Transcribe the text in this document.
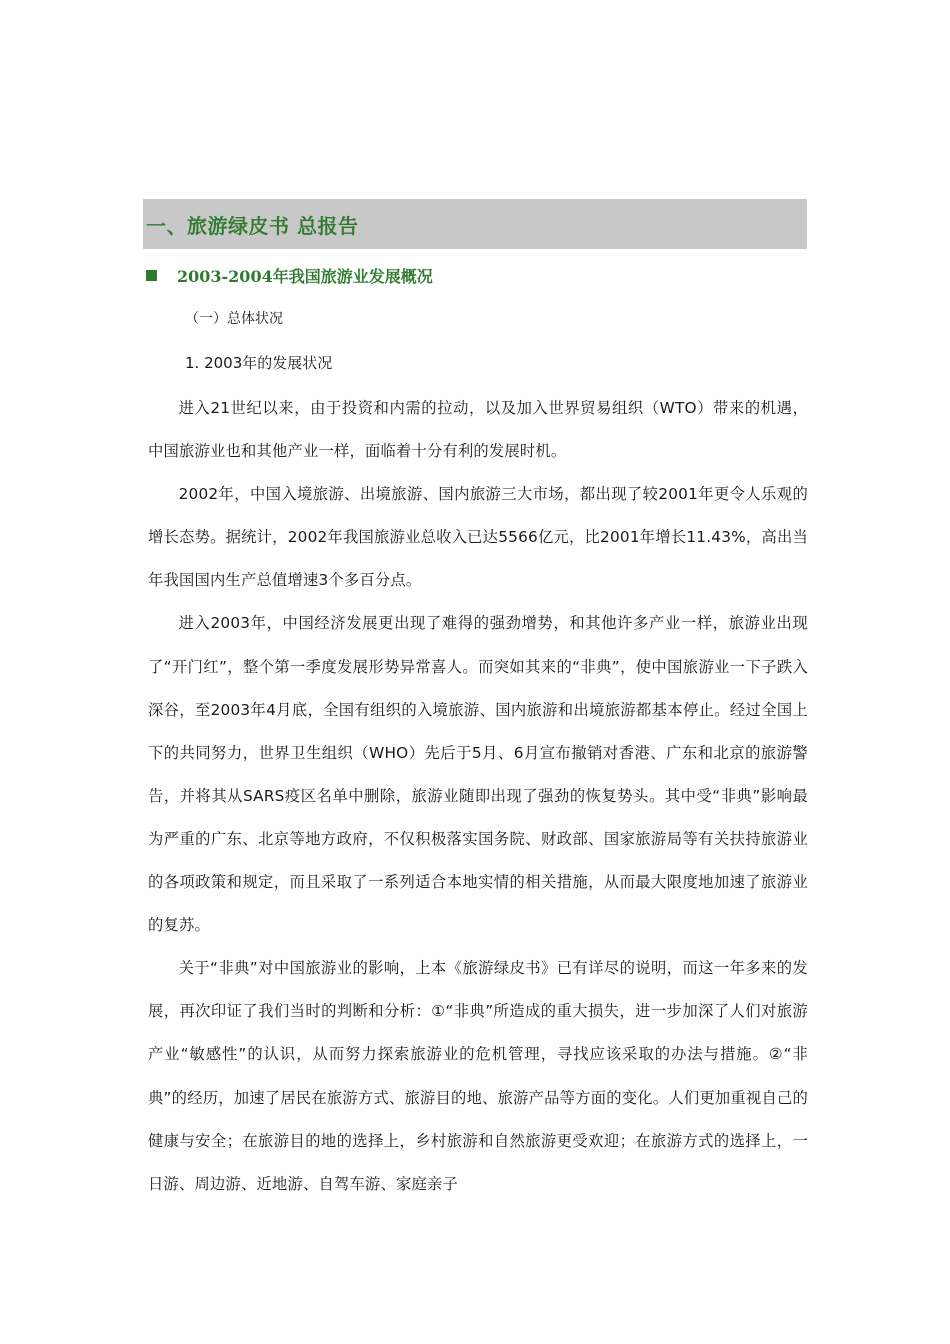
一、旅游绿皮书 总报告
2003-2004年我国旅游业发展概况
（一）总体状况
1. 2003年的发展状况

进入21世纪以来，由于投资和内需的拉动，以及加入世界贸易组织（WTO）带来的机遇，中国旅游业也和其他产业一样，面临着十分有利的发展时机。

2002年，中国入境旅游、出境旅游、国内旅游三大市场，都出现了较2001年更令人乐观的增长态势。据统计，2002年我国旅游业总收入已达5566亿元，比2001年增长11.43%，高出当年我国国内生产总值增速3个多百分点。

进入2003年，中国经济发展更出现了难得的强劲增势，和其他许多产业一样，旅游业出现了“开门红”，整个第一季度发展形势异常喜人。而突如其来的“非典”，使中国旅游业一下子跌入深谷，至2003年4月底，全国有组织的入境旅游、国内旅游和出境旅游都基本停止。经过全国上下的共同努力，世界卫生组织（WHO）先后于5月、6月宣布撤销对香港、广东和北京的旅游警告，并将其从SARS疫区名单中删除，旅游业随即出现了强劲的恢复势头。其中受“非典”影响最为严重的广东、北京等地方政府，不仅积极落实国务院、财政部、国家旅游局等有关扶持旅游业的各项政策和规定，而且采取了一系列适合本地实情的相关措施，从而最大限度地加速了旅游业的复苏。

关于“非典”对中国旅游业的影响，上本《旅游绿皮书》已有详尽的说明，而这一年多来的发展，再次印证了我们当时的判断和分析：①“非典”所造成的重大损失，进一步加深了人们对旅游产业“敏感性”的认识，从而努力探索旅游业的危机管理，寻找应该采取的办法与措施。②“非典”的经历，加速了居民在旅游方式、旅游目的地、旅游产品等方面的变化。人们更加重视自己的健康与安全；在旅游目的地的选择上，乡村旅游和自然旅游更受欢迎；在旅游方式的选择上，一日游、周边游、近地游、自驾车游、家庭亲子
